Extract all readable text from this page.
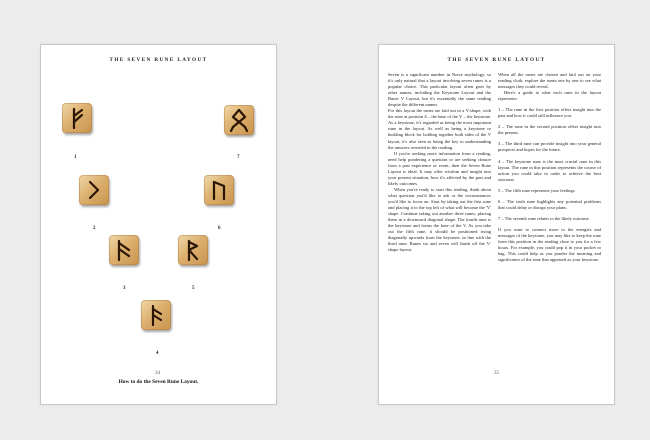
THE SEVEN RUNE LAYOUT
1	7
2	6
3	5
4
How to do the Seven Rune Layout.
34
THE SEVEN RUNE LAYOUT

Seven is a significant number in Norse mythology, so it's only natural that a layout involving seven runes is a popular choice. This particular layout often goes by other names, including the Keystone Layout and the Runic V Layout, but it's essentially the same reading despite the different names.

For this layout the runes are laid out in a V-shape, with the rune at position 4 – the base of the V – the keystone. As a keystone, it's regarded as being the most important rune in the layout. As well as being a keystone or building block for holding together both sides of the V layout, it's also seen as being the key to understanding the answers revealed in the reading.

If you're seeking more information from a reading, need help pondering a question or are seeking closure from a past experience or event, then the Seven Rune Layout is ideal. It may offer wisdom and insight into your present situation, how it's affected by the past and likely outcomes.

When you're ready to start this reading, think about what question you'd like to ask or the circumstances you'd like to focus on. Start by taking out the first rune and placing it to the top left of what will become the 'V' shape. Continue taking out another three runes, placing them in a downward diagonal shape. The fourth rune is the keystone and forms the base of the V. As you take out the fifth rune, it should be positioned rising diagonally upwards from the keystone, in line with the third rune. Runes six and seven will finish off the V-shape layout.

When all the runes are chosen and laid out on your reading cloth, explore the runes one by one to see what messages they could reveal.

Here's a guide to what each rune in the layout represents:

1 – The rune in the first position offers insight into the past and how it could still influence you.

2 – The rune in the second position offers insight into the present.

3 – The third rune can provide insight into your general prospects and hopes for the future.

4 – The keystone rune is the most crucial rune in this layout. The rune in this position represents the course of action you could take in order to achieve the best outcome.

5 – The fifth rune represents your feelings.

6 – The sixth rune highlights any potential problems that could delay or disrupt your plans.

7 – The seventh rune relates to the likely outcome.

If you want to connect more to the energies and messages of the keystone, you may like to keep the rune from this position in the reading close to you for a few hours. For example, you could pop it in your pocket or bag. This could help as you ponder the meaning and significance of the rune that appeared as your keystone.

35
